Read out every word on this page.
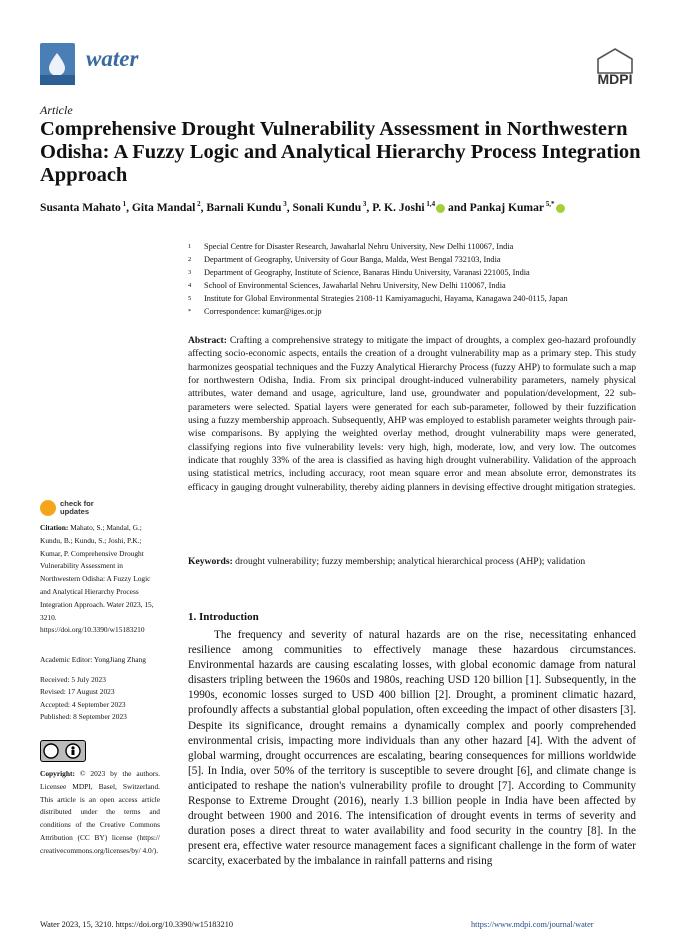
water
MDPI
Article
Comprehensive Drought Vulnerability Assessment in Northwestern Odisha: A Fuzzy Logic and Analytical Hierarchy Process Integration Approach
Susanta Mahato $^1$, Gita Mandal $^2$, Barnali Kundu $^3$, Sonali Kundu $^3$, P. K. Joshi $^{1,4}$ and Pankaj Kumar $^{5,*}$
1	Special Centre for Disaster Research, Jawaharlal Nehru University, New Delhi 110067, India
2	Department of Geography, University of Gour Banga, Malda, West Bengal 732103, India
3	Department of Geography, Institute of Science, Banaras Hindu University, Varanasi 221005, India
4	School of Environmental Sciences, Jawaharlal Nehru University, New Delhi 110067, India
5	Institute for Global Environmental Strategies 2108-11 Kamiyamaguchi, Hayama, Kanagawa 240-0115, Japan
*	Correspondence: kumar@iges.or.jp
Abstract: Crafting a comprehensive strategy to mitigate the impact of droughts, a complex geo-hazard profoundly affecting socio-economic aspects, entails the creation of a drought vulnerability map as a primary step. This study harmonizes geospatial techniques and the Fuzzy Analytical Hierarchy Process (fuzzy AHP) to formulate such a map for northwestern Odisha, India. From six principal drought-induced vulnerability parameters, namely physical attributes, water demand and usage, agriculture, land use, groundwater and population/development, 22 sub-parameters were selected. Spatial layers were generated for each sub-parameter, followed by their fuzzification using a fuzzy membership approach. Subsequently, AHP was employed to establish parameter weights through pair-wise comparisons. By applying the weighted overlay method, drought vulnerability maps were generated, classifying regions into five vulnerability levels: very high, high, moderate, low, and very low. The outcomes indicate that roughly 33% of the area is classified as having high drought vulnerability. Validation of the approach using statistical metrics, including accuracy, root mean square error and mean absolute error, demonstrates its efficacy in gauging drought vulnerability, thereby aiding planners in devising effective drought mitigation strategies.
Keywords: drought vulnerability; fuzzy membership; analytical hierarchical process (AHP); validation
check for updates
Citation: Mahato, S.; Mandal, G.; Kundu, B.; Kundu, S.; Joshi, P.K.; Kumar, P. Comprehensive Drought Vulnerability Assessment in Northwestern Odisha: A Fuzzy Logic and Analytical Hierarchy Process Integration Approach. Water 2023, 15, 3210. https://doi.org/10.3390/w15183210
Academic Editor: YongJiang Zhang
Received: 5 July 2023
Revised: 17 August 2023
Accepted: 4 September 2023
Published: 8 September 2023
Copyright: © 2023 by the authors. Licensee MDPI, Basel, Switzerland. This article is an open access article distributed under the terms and conditions of the Creative Commons Attribution (CC BY) license (https:// creativecommons.org/licenses/by/ 4.0/).
1. Introduction
The frequency and severity of natural hazards are on the rise, necessitating enhanced resilience among communities to effectively manage these hazardous circumstances. Environmental hazards are causing escalating losses, with global economic damage from natural disasters tripling between the 1960s and 1980s, reaching USD 120 billion [1]. Subsequently, in the 1990s, economic losses surged to USD 400 billion [2]. Drought, a prominent climatic hazard, profoundly affects a substantial global population, often exceeding the impact of other disasters [3]. Despite its significance, drought remains a dynamically complex and poorly comprehended environmental crisis, impacting more individuals than any other hazard [4]. With the advent of global warming, drought occurrences are escalating, bearing consequences for millions worldwide [5]. In India, over 50% of the territory is susceptible to severe drought [6], and climate change is anticipated to reshape the nation's vulnerability profile to drought [7]. According to Community Response to Extreme Drought (2016), nearly 1.3 billion people in India have been affected by drought between 1900 and 2016. The intensification of drought events in terms of severity and duration poses a direct threat to water availability and food security in the country [8]. In the present era, effective water resource management faces a significant challenge in the form of water scarcity, exacerbated by the imbalance in rainfall patterns and rising
Water 2023, 15, 3210. https://doi.org/10.3390/w15183210	https://www.mdpi.com/journal/water
